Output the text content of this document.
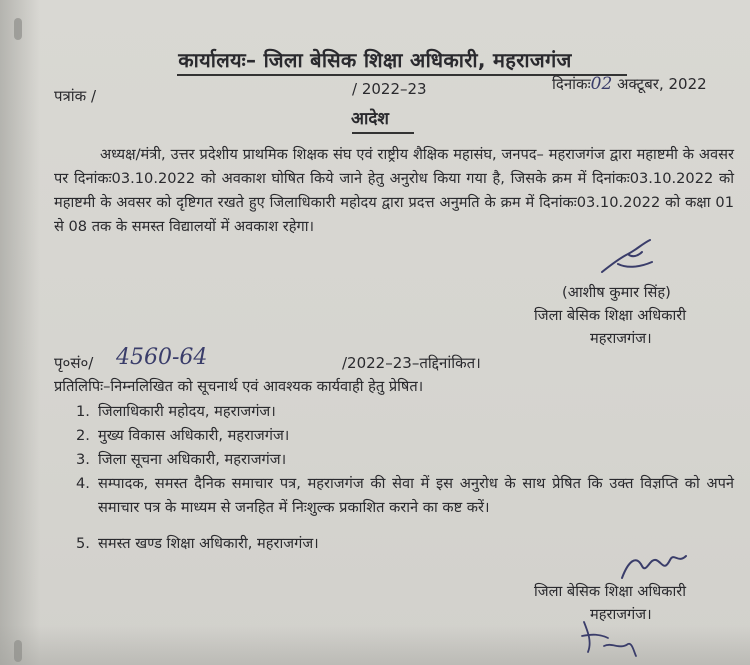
कार्यालयः– जिला बेसिक शिक्षा अधिकारी, महराजगंज
पत्रांक /	/ 2022–23	दिनांकः02 अक्टूबर, 2022
आदेश

अध्यक्ष/मंत्री, उत्तर प्रदेशीय प्राथमिक शिक्षक संघ एवं राष्ट्रीय शैक्षिक महासंघ, जनपद– महराजगंज द्वारा महाष्टमी के अवसर पर दिनांकः03.10.2022 को अवकाश घोषित किये जाने हेतु अनुरोध किया गया है, जिसके क्रम में दिनांकः03.10.2022 को महाष्टमी के अवसर को दृष्टिगत रखते हुए जिलाधिकारी महोदय द्वारा प्रदत्त अनुमति के क्रम में दिनांकः03.10.2022 को कक्षा 01 से 08 तक के समस्त विद्यालयों में अवकाश रहेगा।

(आशीष कुमार सिंह)
जिला बेसिक शिक्षा अधिकारी
महराजगंज।
पृ०सं०/ 4560-64	/2022–23–तद्दिनांकित।
प्रतिलिपिः–निम्नलिखित को सूचनार्थ एवं आवश्यक कार्यवाही हेतु प्रेषित।
1. जिलाधिकारी महोदय, महराजगंज।
2. मुख्य विकास अधिकारी, महराजगंज।
3. जिला सूचना अधिकारी, महराजगंज।
4. सम्पादक, समस्त दैनिक समाचार पत्र, महराजगंज की सेवा में इस अनुरोध के साथ प्रेषित कि उक्त विज्ञप्ति को अपने समाचार पत्र के माध्यम से जनहित में निःशुल्क प्रकाशित कराने का कष्ट करें।
5. समस्त खण्ड शिक्षा अधिकारी, महराजगंज।
जिला बेसिक शिक्षा अधिकारी
महराजगंज।
